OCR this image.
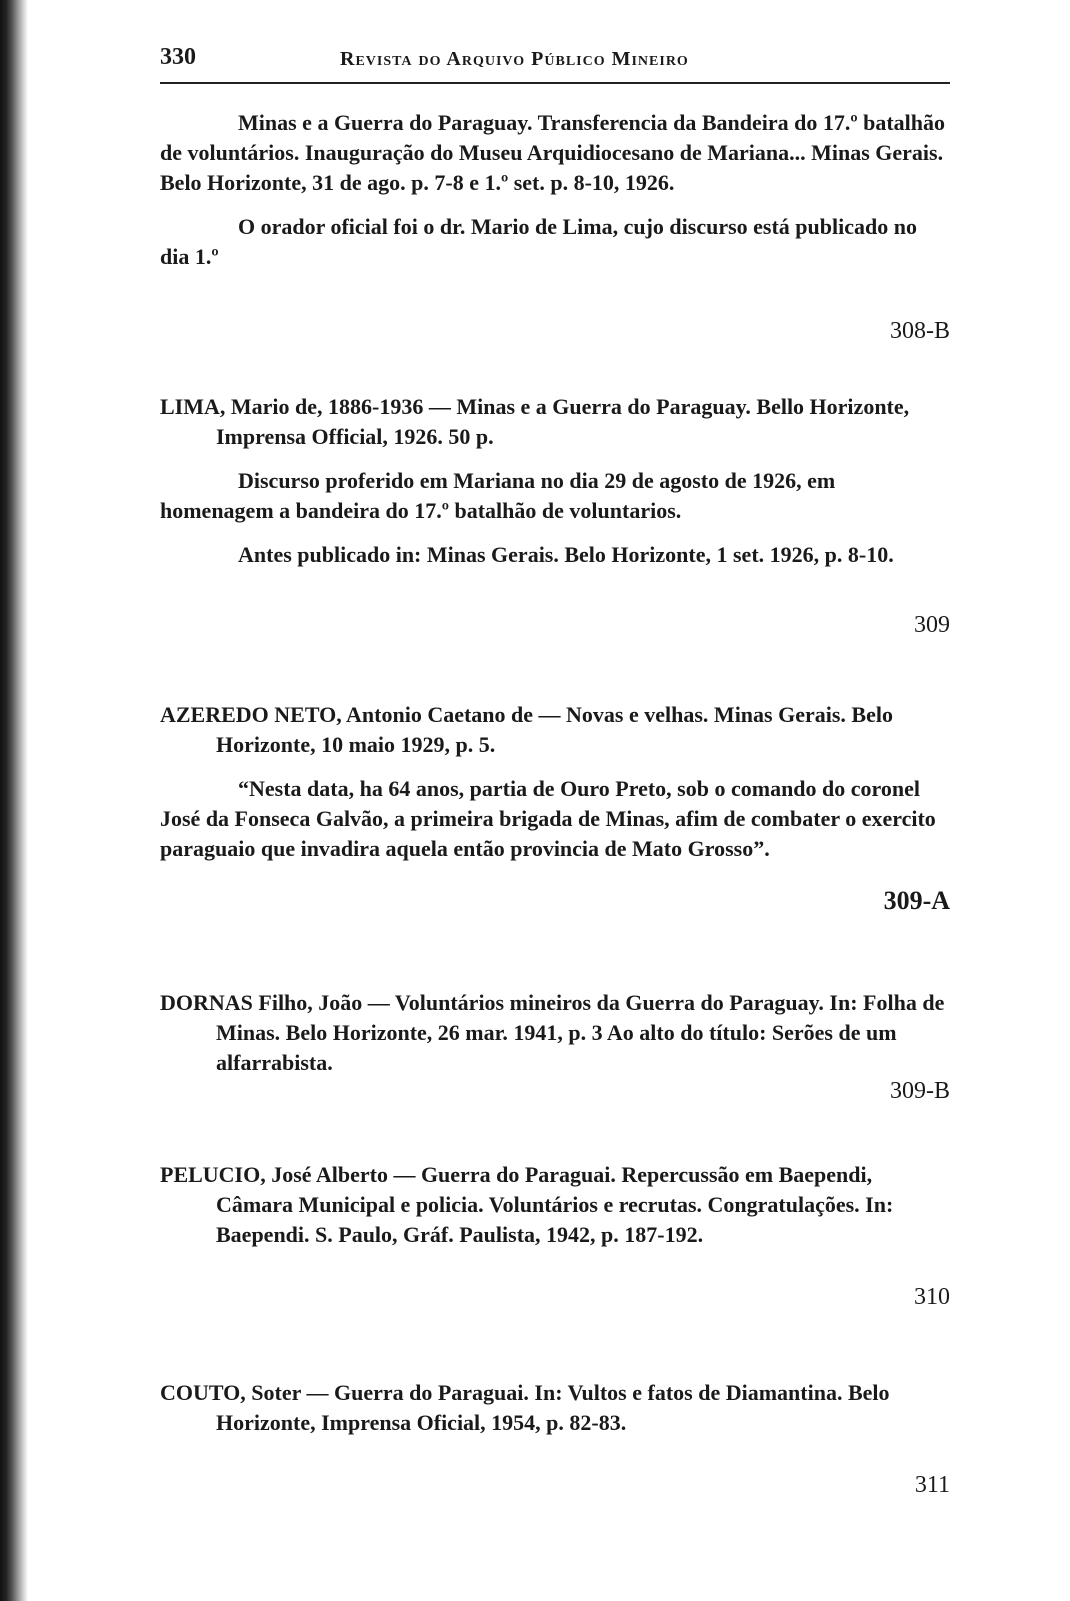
330	Revista do Arquivo Público Mineiro

Minas e a Guerra do Paraguay. Transferencia da Bandeira do 17.º batalhão de voluntários. Inauguração do Museu Arquidiocesano de Mariana... Minas Gerais. Belo Horizonte, 31 de ago. p. 7-8 e 1.º set. p. 8-10, 1926.

O orador oficial foi o dr. Mario de Lima, cujo discurso está publicado no dia 1.º

308-B

LIMA, Mario de, 1886-1936 — Minas e a Guerra do Paraguay. Bello Horizonte, Imprensa Official, 1926. 50 p.

Discurso proferido em Mariana no dia 29 de agosto de 1926, em homenagem a bandeira do 17.º batalhão de voluntarios.

Antes publicado in: Minas Gerais. Belo Horizonte, 1 set. 1926, p. 8-10.

309

AZEREDO NETO, Antonio Caetano de — Novas e velhas. Minas Gerais. Belo Horizonte, 10 maio 1929, p. 5.

“Nesta data, ha 64 anos, partia de Ouro Preto, sob o comando do coronel José da Fonseca Galvão, a primeira brigada de Minas, afim de combater o exercito paraguaio que invadira aquela então provincia de Mato Grosso”.

309-A

DORNAS Filho, João — Voluntários mineiros da Guerra do Paraguay. In: Folha de Minas. Belo Horizonte, 26 mar. 1941, p. 3 Ao alto do título: Serões de um alfarrabista.

309-B

PELUCIO, José Alberto — Guerra do Paraguai. Repercussão em Baependi, Câmara Municipal e policia. Voluntários e recrutas. Congratulações. In: Baependi. S. Paulo, Gráf. Paulista, 1942, p. 187-192.

310

COUTO, Soter — Guerra do Paraguai. In: Vultos e fatos de Diamantina. Belo Horizonte, Imprensa Oficial, 1954, p. 82-83.

311
